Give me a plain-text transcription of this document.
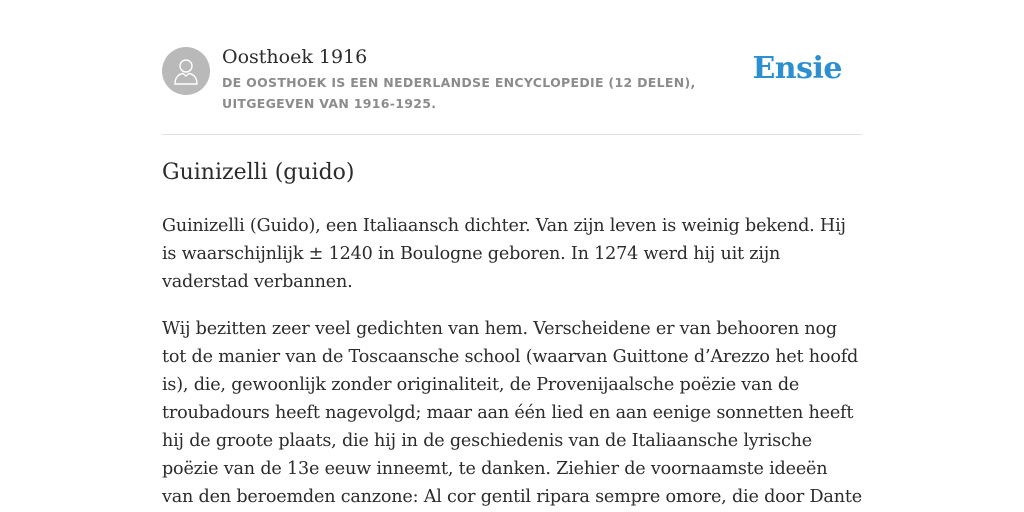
Oosthoek 1916
DE OOSTHOEK IS EEN NEDERLANDSE ENCYCLOPEDIE (12 DELEN), UITGEGEVEN VAN 1916-1925.
Ensie
Guinizelli (guido)

Guinizelli (Guido), een Italiaansch dichter. Van zijn leven is weinig bekend. Hij is waarschijnlijk ± 1240 in Boulogne geboren. In 1274 werd hij uit zijn vaderstad verbannen.

Wij bezitten zeer veel gedichten van hem. Verscheidene er van behooren nog tot de manier van de Toscaansche school (waarvan Guittone d’Arezzo het hoofd is), die, gewoonlijk zonder originaliteit, de Provenijaalsche poëzie van de troubadours heeft nagevolgd; maar aan één lied en aan eenige sonnetten heeft hij de groote plaats, die hij in de geschiedenis van de Italiaansche lyrische poëzie van de 13e eeuw inneemt, te danken. Ziehier de voornaamste ideeën van den beroemden canzone: Al cor gentil ripara sempre omore, die door Dante
